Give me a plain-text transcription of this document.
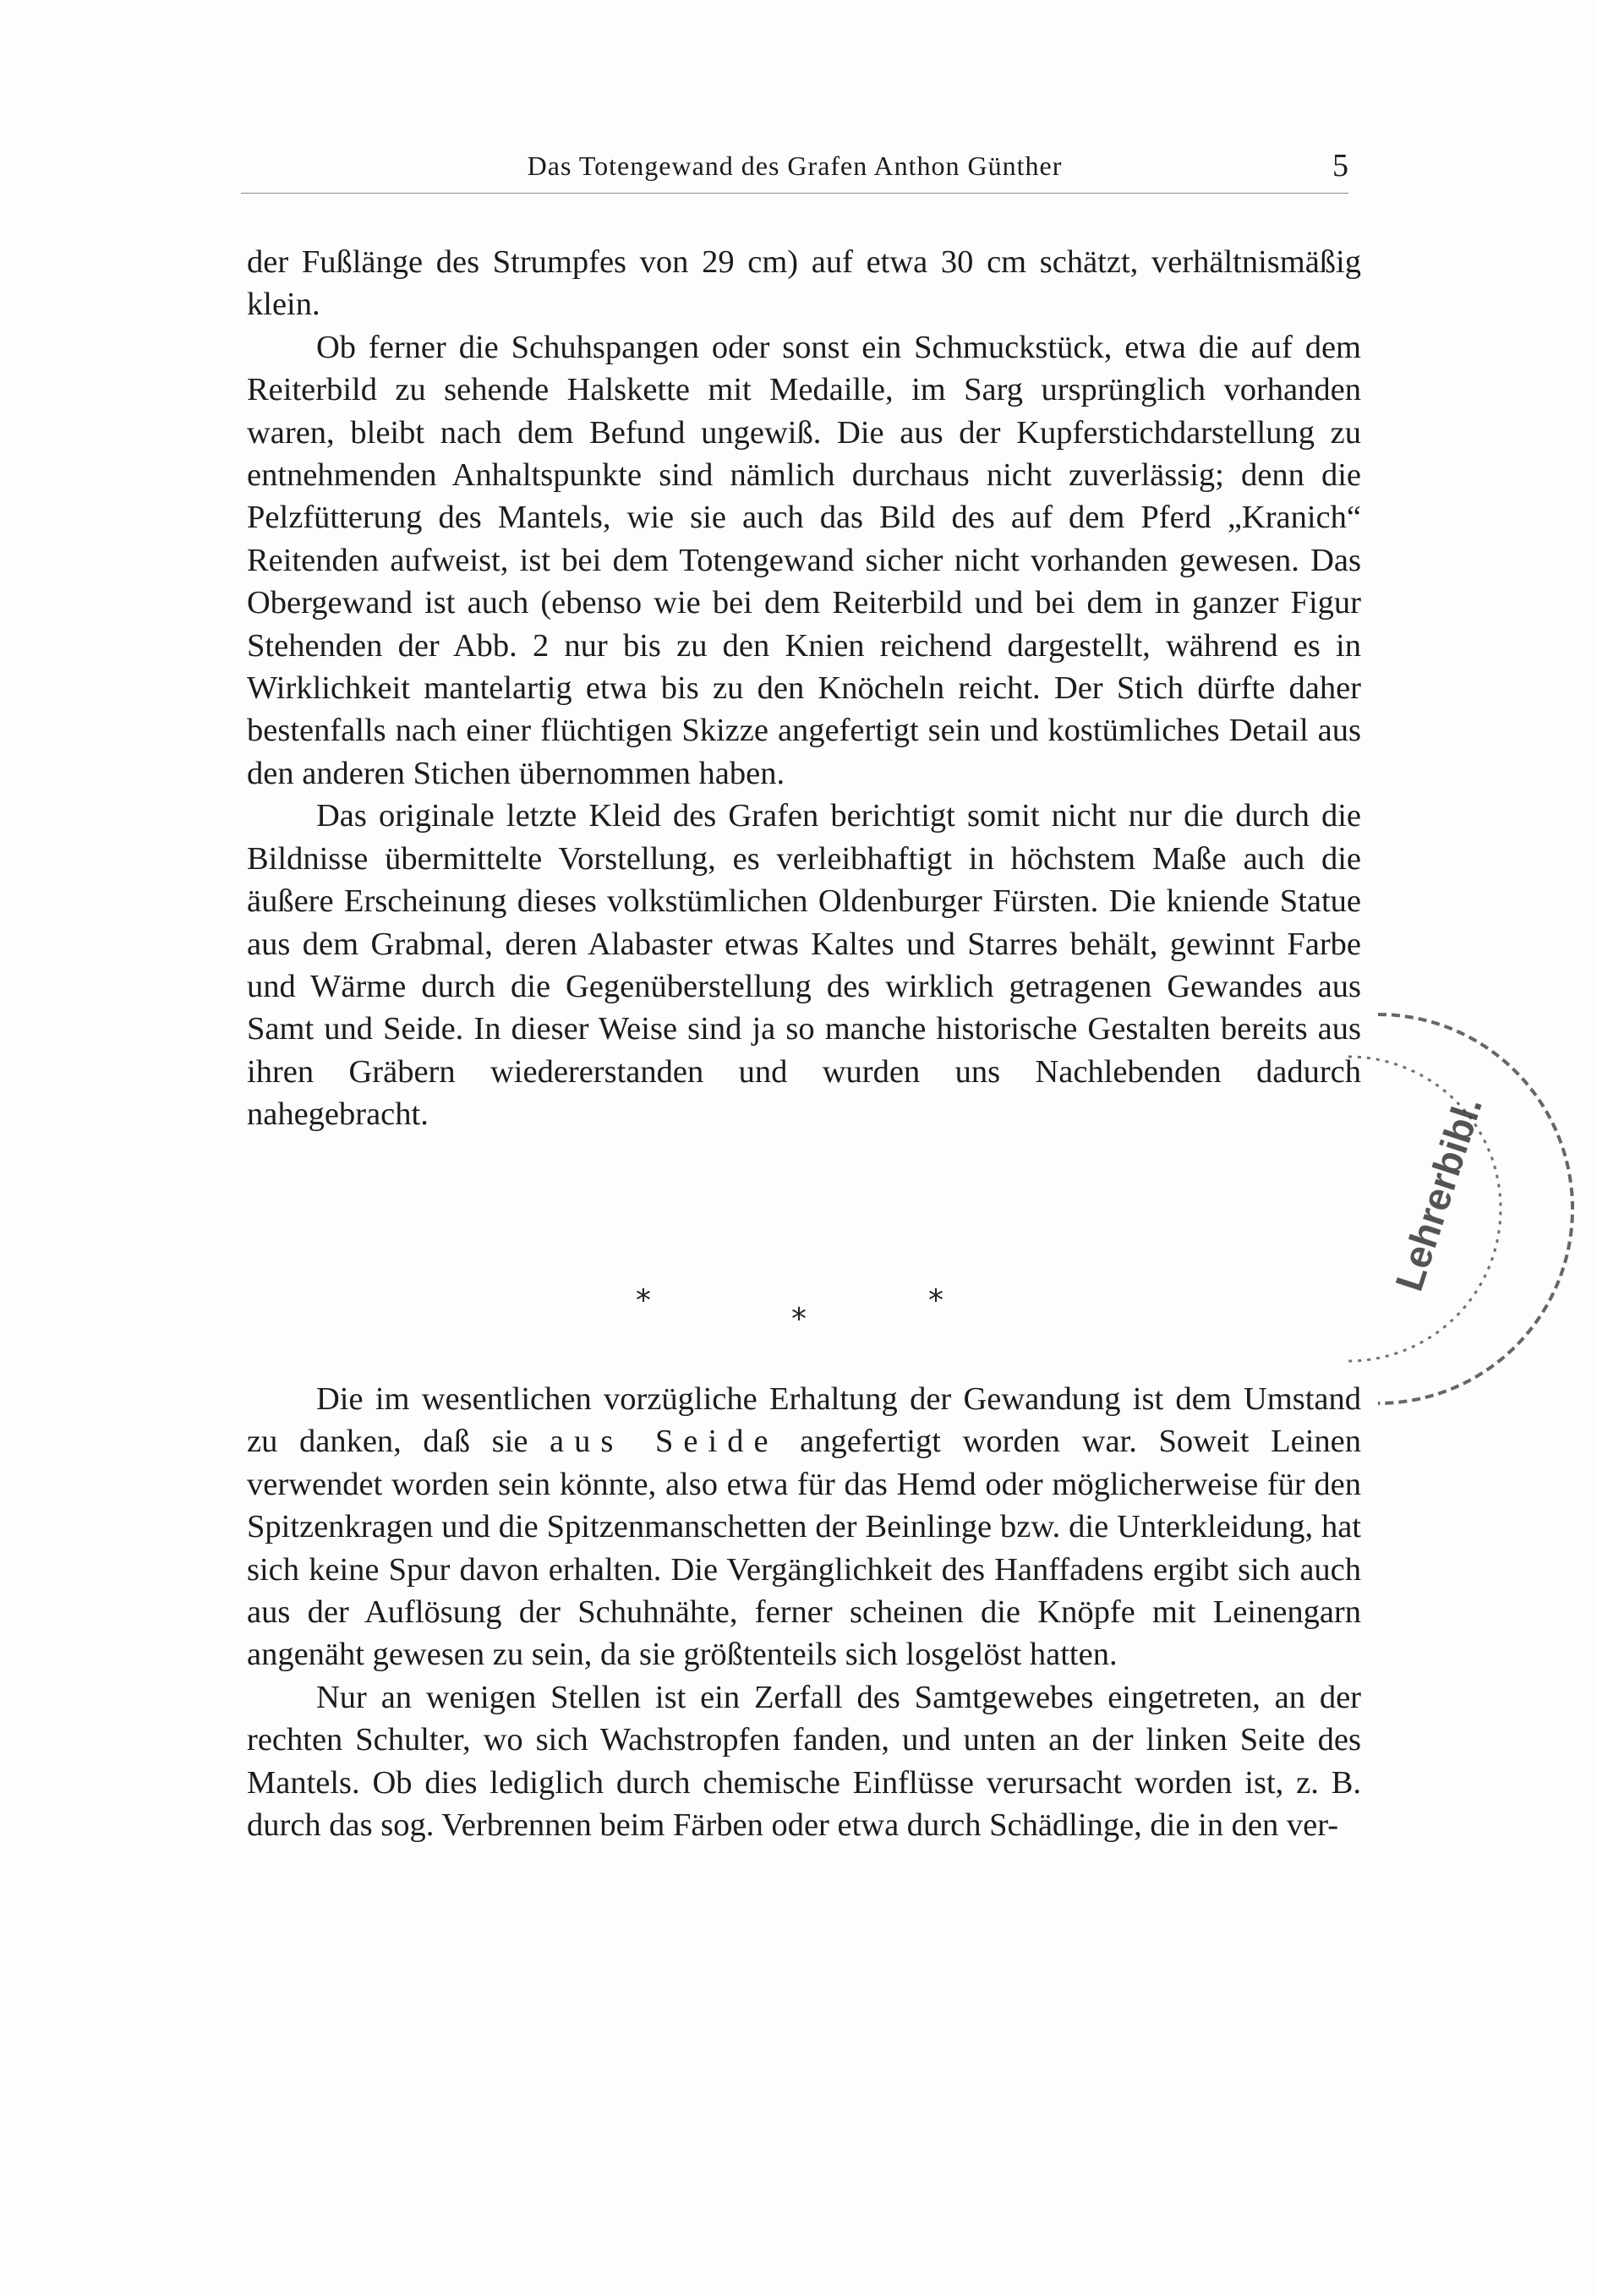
Das Totengewand des Grafen Anthon Günther	5

der Fußlänge des Strumpfes von 29 cm) auf etwa 30 cm schätzt, verhältnismäßig klein.

Ob ferner die Schuhspangen oder sonst ein Schmuckstück, etwa die auf dem Reiterbild zu sehende Halskette mit Medaille, im Sarg ursprünglich vorhanden waren, bleibt nach dem Befund ungewiß. Die aus der Kupferstichdarstellung zu entnehmenden Anhaltspunkte sind nämlich durchaus nicht zuverlässig; denn die Pelzfütterung des Mantels, wie sie auch das Bild des auf dem Pferd „Kranich“ Reitenden aufweist, ist bei dem Totengewand sicher nicht vorhanden gewesen. Das Obergewand ist auch (ebenso wie bei dem Reiterbild und bei dem in ganzer Figur Stehenden der Abb. 2 nur bis zu den Knien reichend dargestellt, während es in Wirklichkeit mantelartig etwa bis zu den Knöcheln reicht. Der Stich dürfte daher bestenfalls nach einer flüchtigen Skizze angefertigt sein und kostümliches Detail aus den anderen Stichen übernommen haben.

Das originale letzte Kleid des Grafen berichtigt somit nicht nur die durch die Bildnisse übermittelte Vorstellung, es verleibhaftigt in höchstem Maße auch die äußere Erscheinung dieses volkstümlichen Oldenburger Fürsten. Die kniende Statue aus dem Grabmal, deren Alabaster etwas Kaltes und Starres behält, gewinnt Farbe und Wärme durch die Gegenüberstellung des wirklich getragenen Gewandes aus Samt und Seide. In dieser Weise sind ja so manche historische Gestalten bereits aus ihren Gräbern wiedererstanden und wurden uns Nachlebenden dadurch nahegebracht.

*
*
*

Die im wesentlichen vorzügliche Erhaltung der Gewandung ist dem Umstand zu danken, daß sie aus Seide angefertigt worden war. Soweit Leinen verwendet worden sein könnte, also etwa für das Hemd oder möglicherweise für den Spitzenkragen und die Spitzenmanschetten der Beinlinge bzw. die Unterkleidung, hat sich keine Spur davon erhalten. Die Vergänglichkeit des Hanffadens ergibt sich auch aus der Auflösung der Schuhnähte, ferner scheinen die Knöpfe mit Leinengarn angenäht gewesen zu sein, da sie größtenteils sich losgelöst hatten.

Nur an wenigen Stellen ist ein Zerfall des Samtgewebes eingetreten, an der rechten Schulter, wo sich Wachstropfen fanden, und unten an der linken Seite des Mantels. Ob dies lediglich durch chemische Einflüsse verursacht worden ist, z. B. durch das sog. Verbrennen beim Färben oder etwa durch Schädlinge, die in den ver-

Lehrerbibl.
